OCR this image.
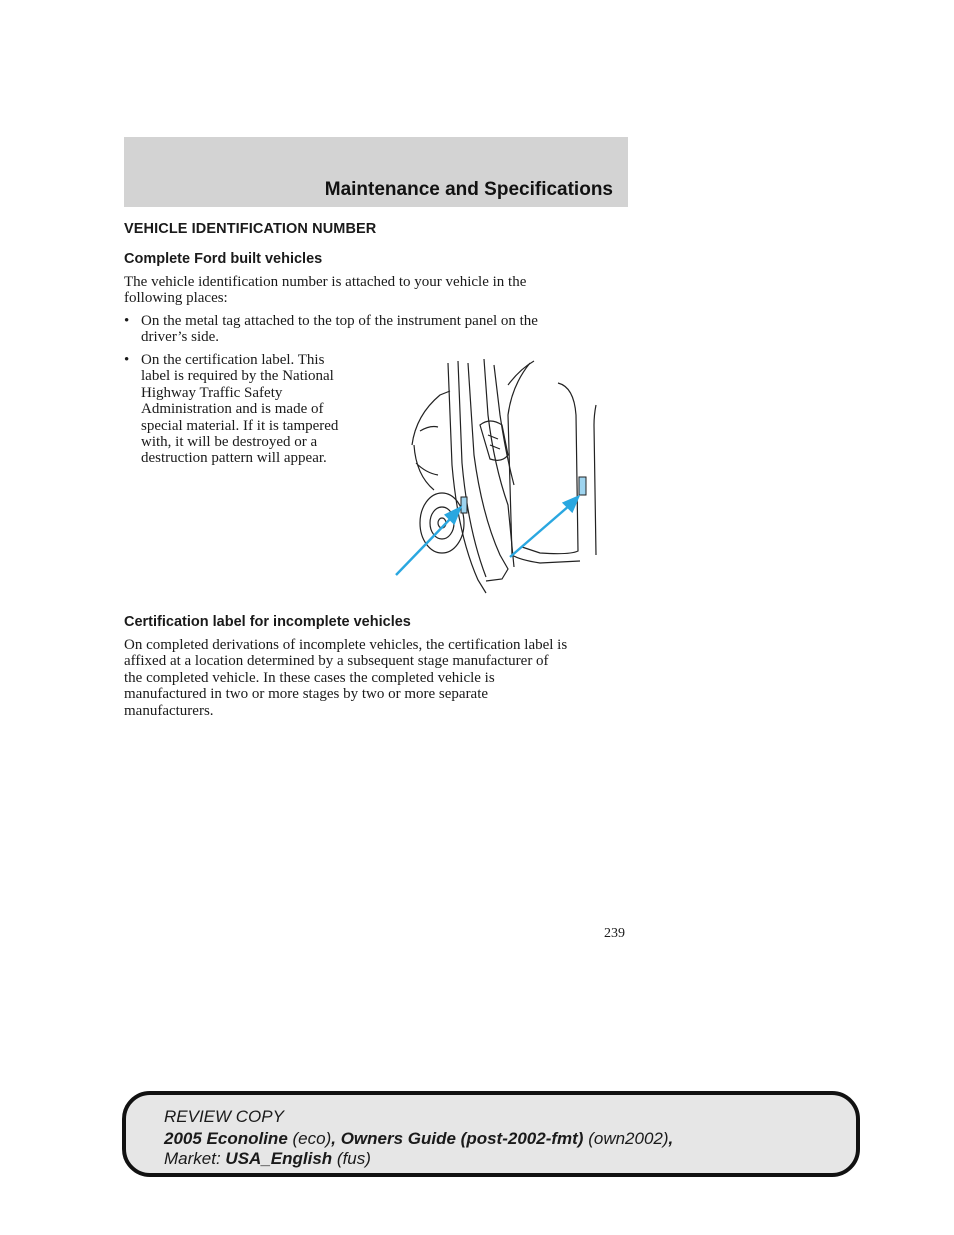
Maintenance and Specifications
VEHICLE IDENTIFICATION NUMBER
Complete Ford built vehicles
The vehicle identification number is attached to your vehicle in the
following places:
• On the metal tag attached to the top of the instrument panel on the
driver’s side.
• On the certification label. This
label is required by the National
Highway Traffic Safety
Administration and is made of
special material. If it is tampered
with, it will be destroyed or a
destruction pattern will appear.
Certification label for incomplete vehicles
On completed derivations of incomplete vehicles, the certification label is
affixed at a location determined by a subsequent stage manufacturer of
the completed vehicle. In these cases the completed vehicle is
manufactured in two or more stages by two or more separate
manufacturers.
239

REVIEW COPY

2005 Econoline (eco), Owners Guide (post-2002-fmt) (own2002),

Market: USA_English (fus)
